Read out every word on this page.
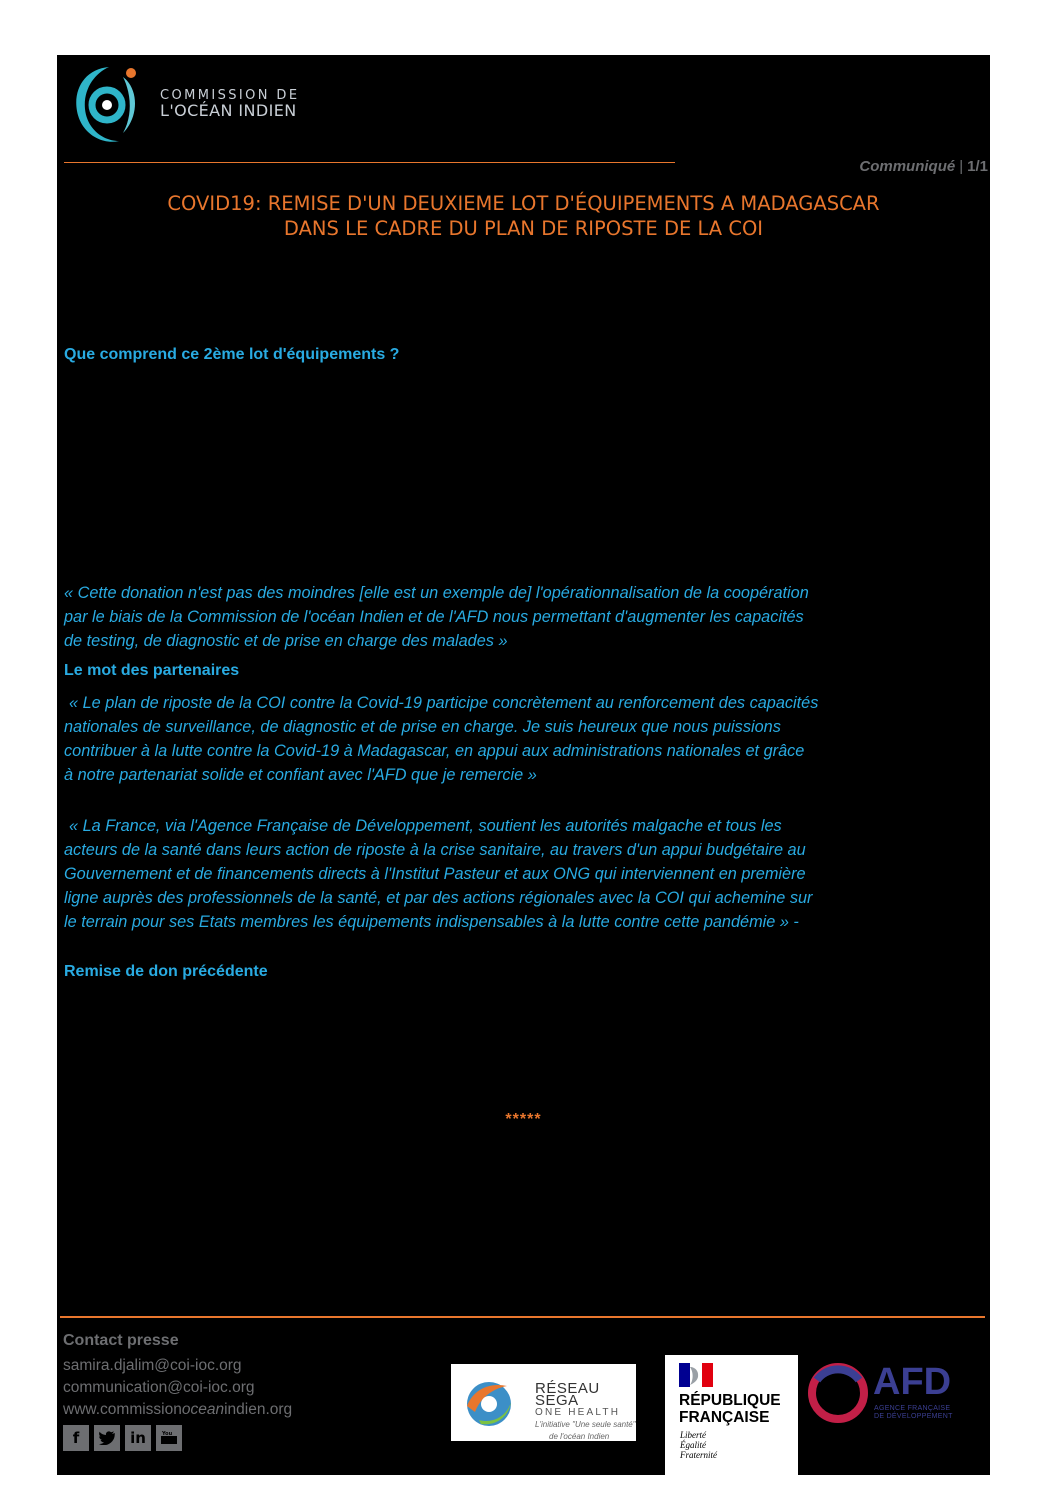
COMMISSION DE
L'OCÉAN INDIEN
Communiqué | 1/1
COVID19: REMISE D'UN DEUXIEME LOT D'ÉQUIPEMENTS A MADAGASCAR
DANS LE CADRE DU PLAN DE RIPOSTE DE LA COI
Que comprend ce 2ème lot d'équipements ?
« Cette donation n'est pas des moindres [elle est un exemple de] l'opérationnalisation de la coopération
par le biais de la Commission de l'océan Indien et de l'AFD nous permettant d'augmenter les capacités
de testing, de diagnostic et de prise en charge des malades »
Le mot des partenaires
« Le plan de riposte de la COI contre la Covid-19 participe concrètement au renforcement des capacités
nationales de surveillance, de diagnostic et de prise en charge. Je suis heureux que nous puissions
contribuer à la lutte contre la Covid-19 à Madagascar, en appui aux administrations nationales et grâce
à notre partenariat solide et confiant avec l'AFD que je remercie »
« La France, via l'Agence Française de Développement, soutient les autorités malgache et tous les
acteurs de la santé dans leurs action de riposte à la crise sanitaire, au travers d'un appui budgétaire au
Gouvernement et de financements directs à l'Institut Pasteur et aux ONG qui interviennent en première
ligne auprès des professionnels de la santé, et par des actions régionales avec la COI qui achemine sur
le terrain pour ses Etats membres les équipements indispensables à la lutte contre cette pandémie » -
Remise de don précédente
*****
Contact presse
samira.djalim@coi-ioc.org
communication@coi-ioc.org
www.commissionoceanindien.org
f	in	You
RÉSEAU SEGA
ONE HEALTH
L'initiative "Une seule santé"
de l'océan Indien
RÉPUBLIQUE
FRANÇAISE
Liberté
Égalité
Fraternité
AFD
AGENCE FRANÇAISE
DE DÉVELOPPEMENT
